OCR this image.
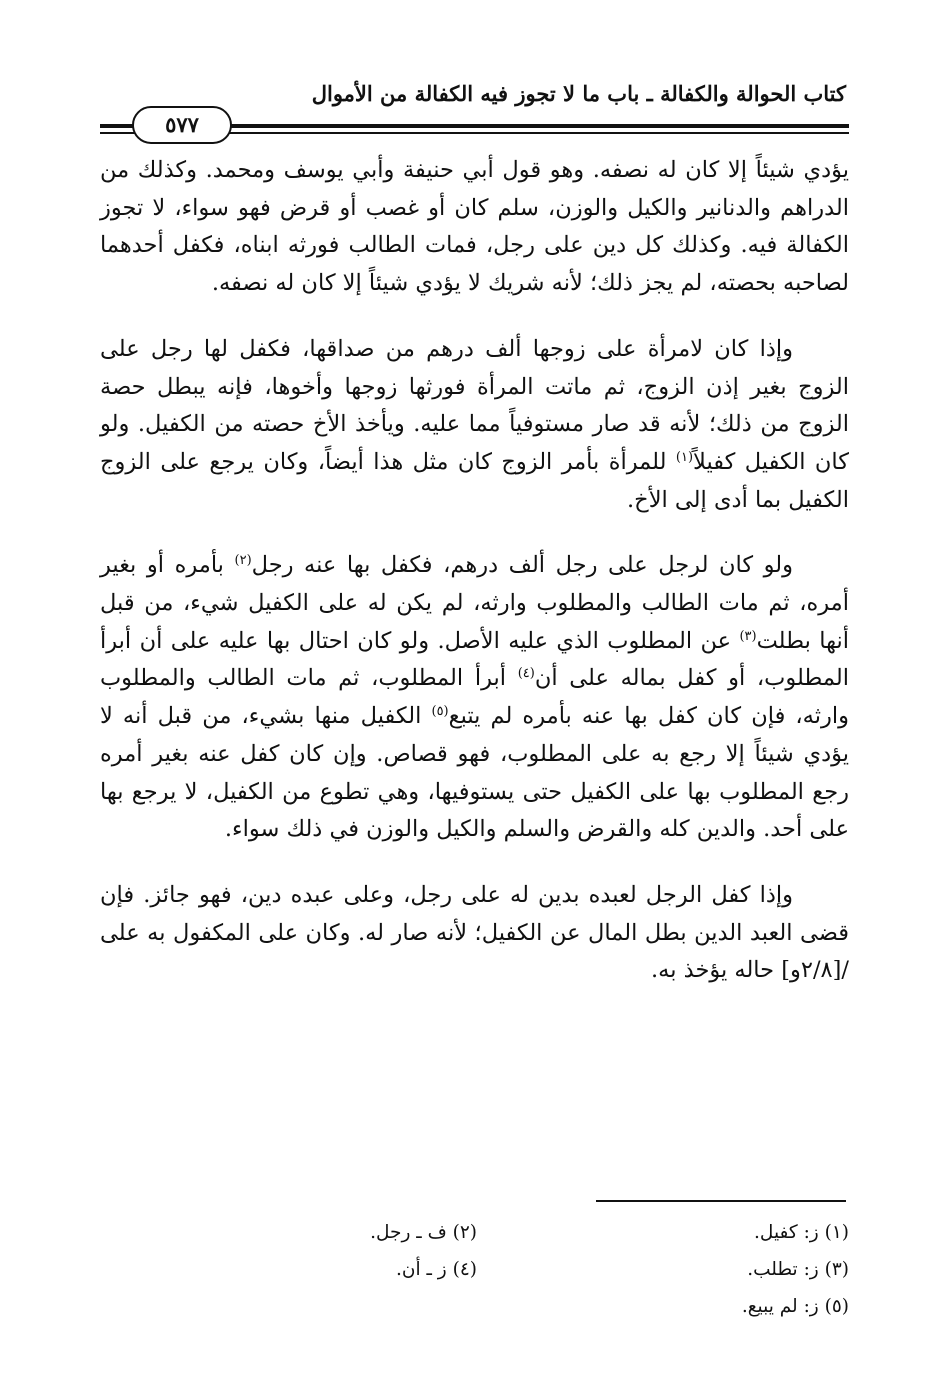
كتاب الحوالة والكفالة ـ باب ما لا تجوز فيه الكفالة من الأموال
٥٧٧

يؤدي شيئاً إلا كان له نصفه. وهو قول أبي حنيفة وأبي يوسف ومحمد. وكذلك من الدراهم والدنانير والكيل والوزن، سلم كان أو غصب أو قرض فهو سواء، لا تجوز الكفالة فيه. وكذلك كل دين على رجل، فمات الطالب فورثه ابناه، فكفل أحدهما لصاحبه بحصته، لم يجز ذلك؛ لأنه شريك لا يؤدي شيئاً إلا كان له نصفه.

وإذا كان لامرأة على زوجها ألف درهم من صداقها، فكفل لها رجل على الزوج بغير إذن الزوج، ثم ماتت المرأة فورثها زوجها وأخوها، فإنه يبطل حصة الزوج من ذلك؛ لأنه قد صار مستوفياً مما عليه. ويأخذ الأخ حصته من الكفيل. ولو كان الكفيل كفيلاً$^{(١)}$ للمرأة بأمر الزوج كان مثل هذا أيضاً، وكان يرجع على الزوج الكفيل بما أدى إلى الأخ.

ولو كان لرجل على رجل ألف درهم، فكفل بها عنه رجل$^{(٢)}$ بأمره أو بغير أمره، ثم مات الطالب والمطلوب وارثه، لم يكن له على الكفيل شيء، من قبل أنها بطلت$^{(٣)}$ عن المطلوب الذي عليه الأصل. ولو كان احتال بها عليه على أن أبرأ المطلوب، أو كفل بماله على أن$^{(٤)}$ أبرأ المطلوب، ثم مات الطالب والمطلوب وارثه، فإن كان كفل بها عنه بأمره لم يتبع$^{(٥)}$ الكفيل منها بشيء، من قبل أنه لا يؤدي شيئاً إلا رجع به على المطلوب، فهو قصاص. وإن كان كفل عنه بغير أمره رجع المطلوب بها على الكفيل حتى يستوفيها، وهي تطوع من الكفيل، لا يرجع بها على أحد. والدين كله والقرض والسلم والكيل والوزن في ذلك سواء.

وإذا كفل الرجل لعبده بدين له على رجل، وعلى عبده دين، فهو جائز. فإن قضى العبد الدين بطل المال عن الكفيل؛ لأنه صار له. وكان على المكفول به على /[٢/٨و] حاله يؤخذ به.

(١) ز: كفيل.
(٢) ف ـ رجل.
(٣) ز: تطلب.
(٤) ز ـ أن.
(٥) ز: لم يبيع.
